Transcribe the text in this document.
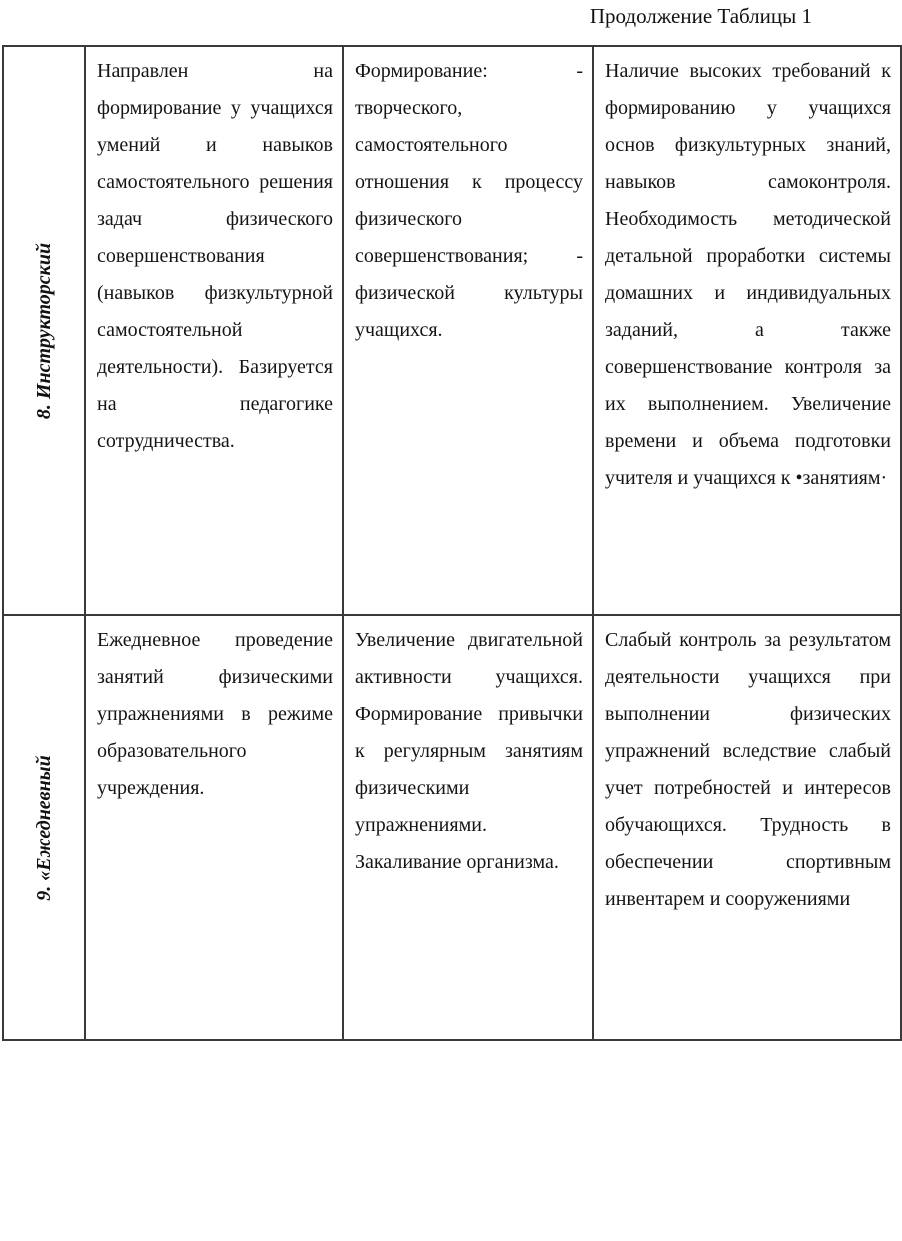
Продолжение Таблицы 1
8. Инструкторский
	Направлен на формирование у учащихся умений и навыков самостоятельного решения задач физического совершенствования (навыков физкультурной самостоятельной деятельности). Базируется на педагогике сотрудничества.	Формирование: - творческого, самостоятельного отношения к процессу физического совершенствования; - физической культуры учащихся.	Наличие высоких требований к формированию у учащихся основ физкультурных знаний, навыков самоконтроля. Необходимость методической детальной проработки системы домашних и индивидуальных заданий, а также совершенствование контроля за их выполнением. Увеличение времени и объема подготовки учителя и учащихся к •занятиям·

9. «Ежедневный	Ежедневное проведение занятий физическими упражнениями в режиме образовательного учреждения.	Увеличение двигательной активности учащихся. Формирование привычки к регулярным занятиям физическими упражнениями. Закаливание организма.	Слабый контроль за результатом деятельности учащихся при выполнении физических упражнений вследствие слабый учет потребностей и интересов обучающихся. Трудность в обеспечении спортивным инвентарем и сооружениями
